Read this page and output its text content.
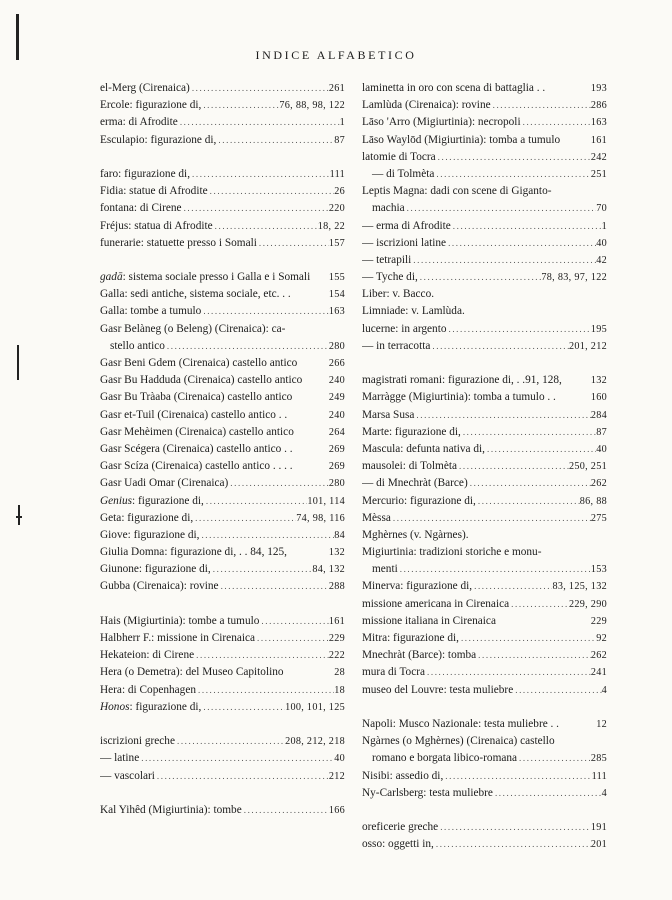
INDICE ALFABETICO
el-Merg (Cirenaica) .....	261
Ercole: figurazione di, .....	76, 88, 98, 122
erma: di Afrodite .....	1
Esculapio: figurazione di, .....	87
faro: figurazione di, .....	111
Fidia: statue di Afrodite .....	26
fontana: di Cirene .....	220
Fréjus: statua di Afrodite .....	18, 22
funerarie: statuette presso i Somali .....	157
gadā : sistema sociale presso i Galla e i Somali 155
Galla: sedi antiche, sistema sociale, etc. . .	154
Galla: tombe a tumulo .....	163
Gasr Belàneg (o Beleng) (Cirenaica): ca-
stello antico .....	280
Gasr Beni Gdem (Cirenaica) castello antico	266
Gasr Bu Hadduda (Cirenaica) castello antico	240
Gasr Bu Tràaba (Cirenaica) castello antico	249
Gasr et-Tuil (Cirenaica) castello antico . .	240
Gasr Mehèimen (Cirenaica) castello antico	264
Gasr Scégera (Cirenaica) castello antico . .	269
Gasr Scíza (Cirenaica) castello antico . . . .	269
Gasr Uadi Omar (Cirenaica) .....	280
Genius : figurazione di, .....	101, 114
Geta: figurazione di, .....	74, 98, 116
Giove: figurazione di, .....	84
Giulia Domna: figurazione di, . . 84, 125,	132
Giunone: figurazione di, .....	84, 132
Gubba (Cirenaica): rovine .....	288
Hais (Migiurtinia): tombe a tumulo .....	161
Halbherr F.: missione in Cirenaica .....	229
Hekateion: di Cirene .....	222
Hera (o Demetra): del Museo Capitolino	28
Hera: di Copenhagen .....	18
Honos : figurazione di, .....	100, 101, 125
iscrizioni greche .....	208, 212, 218
— latine .....	40
— vascolari .....	212
Kal Yihêd (Migiurtinia): tombe .....	166
laminetta in oro con scena di battaglia . .	193
Lamlùda (Cirenaica): rovine .....	286
Lāso 'Arro (Migiurtinia): necropoli .....	163
Lāso Waylōd (Migiurtinia): tomba a tumulo	161
latomie di Tocra .....	242
— di Tolmèta .....	251
Leptis Magna: dadi con scene di Giganto-
machia .....	70
— erma di Afrodite .....	1
— iscrizioni latine .....	40
— tetrapili .....	42
— Tyche di, .....	78, 83, 97, 122
Liber: v. Bacco.
Limniade: v. Lamlùda.
lucerne: in argento .....	195
— in terracotta .....	201, 212
magistrati romani: figurazione di, . .91, 128,	132
Marràgge (Migiurtinia): tomba a tumulo . .	160
Marsa Susa .....	284
Marte: figurazione di, .....	87
Mascula: defunta nativa di, .....	40
mausolei: di Tolmèta .....	250, 251
— di Mnechràt (Barce) .....	262
Mercurio: figurazione di, .....	86, 88
Mèssa .....	275
Mghèrnes (v. Ngàrnes).
Migiurtinia: tradizioni storiche e monu-
menti .....	153
Minerva: figurazione di, .....	83, 125, 132
missione americana in Cirenaica .....	229, 290
missione italiana in Cirenaica	229
Mitra: figurazione di, .....	92
Mnechràt (Barce): tomba .....	262
mura di Tocra .....	241
museo del Louvre: testa muliebre .....	4
Napoli: Musco Nazionale: testa muliebre . .	12
Ngàrnes (o Mghèrnes) (Cirenaica) castello
romano e borgata libico-romana .....	285
Nisibi: assedio di, .....	111
Ny-Carlsberg: testa muliebre .....	4
oreficerie greche .....	191
osso: oggetti in, .....	201
